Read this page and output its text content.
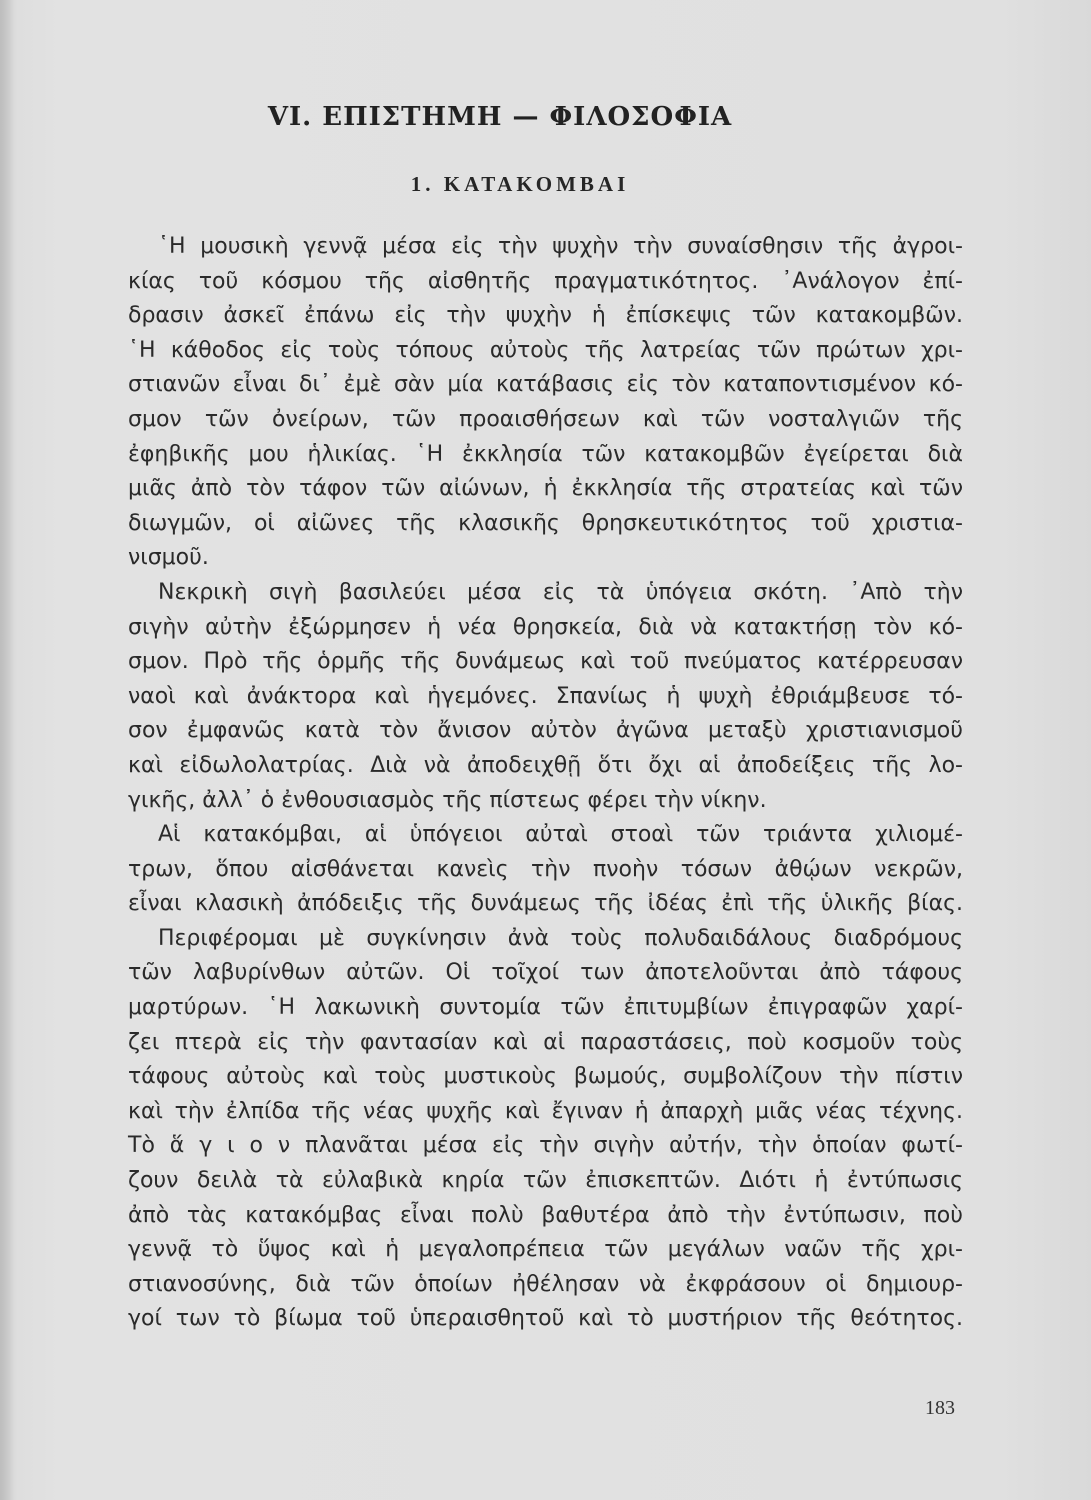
VI. ΕΠΙΣΤΗΜΗ — ΦΙΛΟΣΟΦΙΑ
1. ΚΑΤΑΚΟΜΒΑΙ

῾Η μουσικὴ γεννᾷ μέσα εἰς τὴν ψυχὴν τὴν συναίσθησιν τῆς ἀγροι-
κίας τοῦ κόσμου τῆς αἰσθητῆς πραγματικότητος. ᾿Ανάλογον ἐπί-
δρασιν ἀσκεῖ ἐπάνω εἰς τὴν ψυχὴν ἡ ἐπίσκεψις τῶν κατακομβῶν.
῾Η κάθοδος εἰς τοὺς τόπους αὐτοὺς τῆς λατρείας τῶν πρώτων χρι-
στιανῶν εἶναι δι᾿ ἐμὲ σὰν μία κατάβασις εἰς τὸν καταποντισμένον κό-
σμον τῶν ὀνείρων, τῶν προαισθήσεων καὶ τῶν νοσταλγιῶν τῆς
ἐφηβικῆς μου ἡλικίας. ῾Η ἐκκλησία τῶν κατακομβῶν ἐγείρεται διὰ
μιᾶς ἀπὸ τὸν τάφον τῶν αἰώνων, ἡ ἐκκλησία τῆς στρατείας καὶ τῶν
διωγμῶν, οἱ αἰῶνες τῆς κλασικῆς θρησκευτικότητος τοῦ χριστια-
νισμοῦ.

Νεκρικὴ σιγὴ βασιλεύει μέσα εἰς τὰ ὑπόγεια σκότη. ᾿Απὸ τὴν
σιγὴν αὐτὴν ἐξώρμησεν ἡ νέα θρησκεία, διὰ νὰ κατακτήσῃ τὸν κό-
σμον. Πρὸ τῆς ὁρμῆς τῆς δυνάμεως καὶ τοῦ πνεύματος κατέρρευσαν
ναοὶ καὶ ἀνάκτορα καὶ ἡγεμόνες. Σπανίως ἡ ψυχὴ ἐθριάμβευσε τό-
σον ἐμφανῶς κατὰ τὸν ἄνισον αὐτὸν ἀγῶνα μεταξὺ χριστιανισμοῦ
καὶ εἰδωλολατρίας. Διὰ νὰ ἀποδειχθῇ ὅτι ὄχι αἱ ἀποδείξεις τῆς λο-
γικῆς, ἀλλ᾿ ὁ ἐνθουσιασμὸς τῆς πίστεως φέρει τὴν νίκην.

Αἱ κατακόμβαι, αἱ ὑπόγειοι αὐταὶ στοαὶ τῶν τριάντα χιλιομέ-
τρων, ὅπου αἰσθάνεται κανεὶς τὴν πνοὴν τόσων ἀθῴων νεκρῶν,
εἶναι κλασικὴ ἀπόδειξις τῆς δυνάμεως τῆς ἰδέας ἐπὶ τῆς ὑλικῆς βίας.

Περιφέρομαι μὲ συγκίνησιν ἀνὰ τοὺς πολυδαιδάλους διαδρόμους
τῶν λαβυρίνθων αὐτῶν. Οἱ τοῖχοί των ἀποτελοῦνται ἀπὸ τάφους
μαρτύρων. ῾Η λακωνικὴ συντομία τῶν ἐπιτυμβίων ἐπιγραφῶν χαρί-
ζει πτερὰ εἰς τὴν φαντασίαν καὶ αἱ παραστάσεις, ποὺ κοσμοῦν τοὺς
τάφους αὐτοὺς καὶ τοὺς μυστικοὺς βωμούς, συμβολίζουν τὴν πίστιν
καὶ τὴν ἐλπίδα τῆς νέας ψυχῆς καὶ ἔγιναν ἡ ἀπαρχὴ μιᾶς νέας τέχνης.
Τὸ ἅ γ ι ο ν πλανᾶται μέσα εἰς τὴν σιγὴν αὐτήν, τὴν ὁποίαν φωτί-
ζουν δειλὰ τὰ εὐλαβικὰ κηρία τῶν ἐπισκεπτῶν. Διότι ἡ ἐντύπωσις
ἀπὸ τὰς κατακόμβας εἶναι πολὺ βαθυτέρα ἀπὸ τὴν ἐντύπωσιν, ποὺ
γεννᾷ τὸ ὕψος καὶ ἡ μεγαλοπρέπεια τῶν μεγάλων ναῶν τῆς χρι-
στιανοσύνης, διὰ τῶν ὁποίων ἠθέλησαν νὰ ἐκφράσουν οἱ δημιουρ-
γοί των τὸ βίωμα τοῦ ὑπεραισθητοῦ καὶ τὸ μυστήριον τῆς θεότητος.

183
